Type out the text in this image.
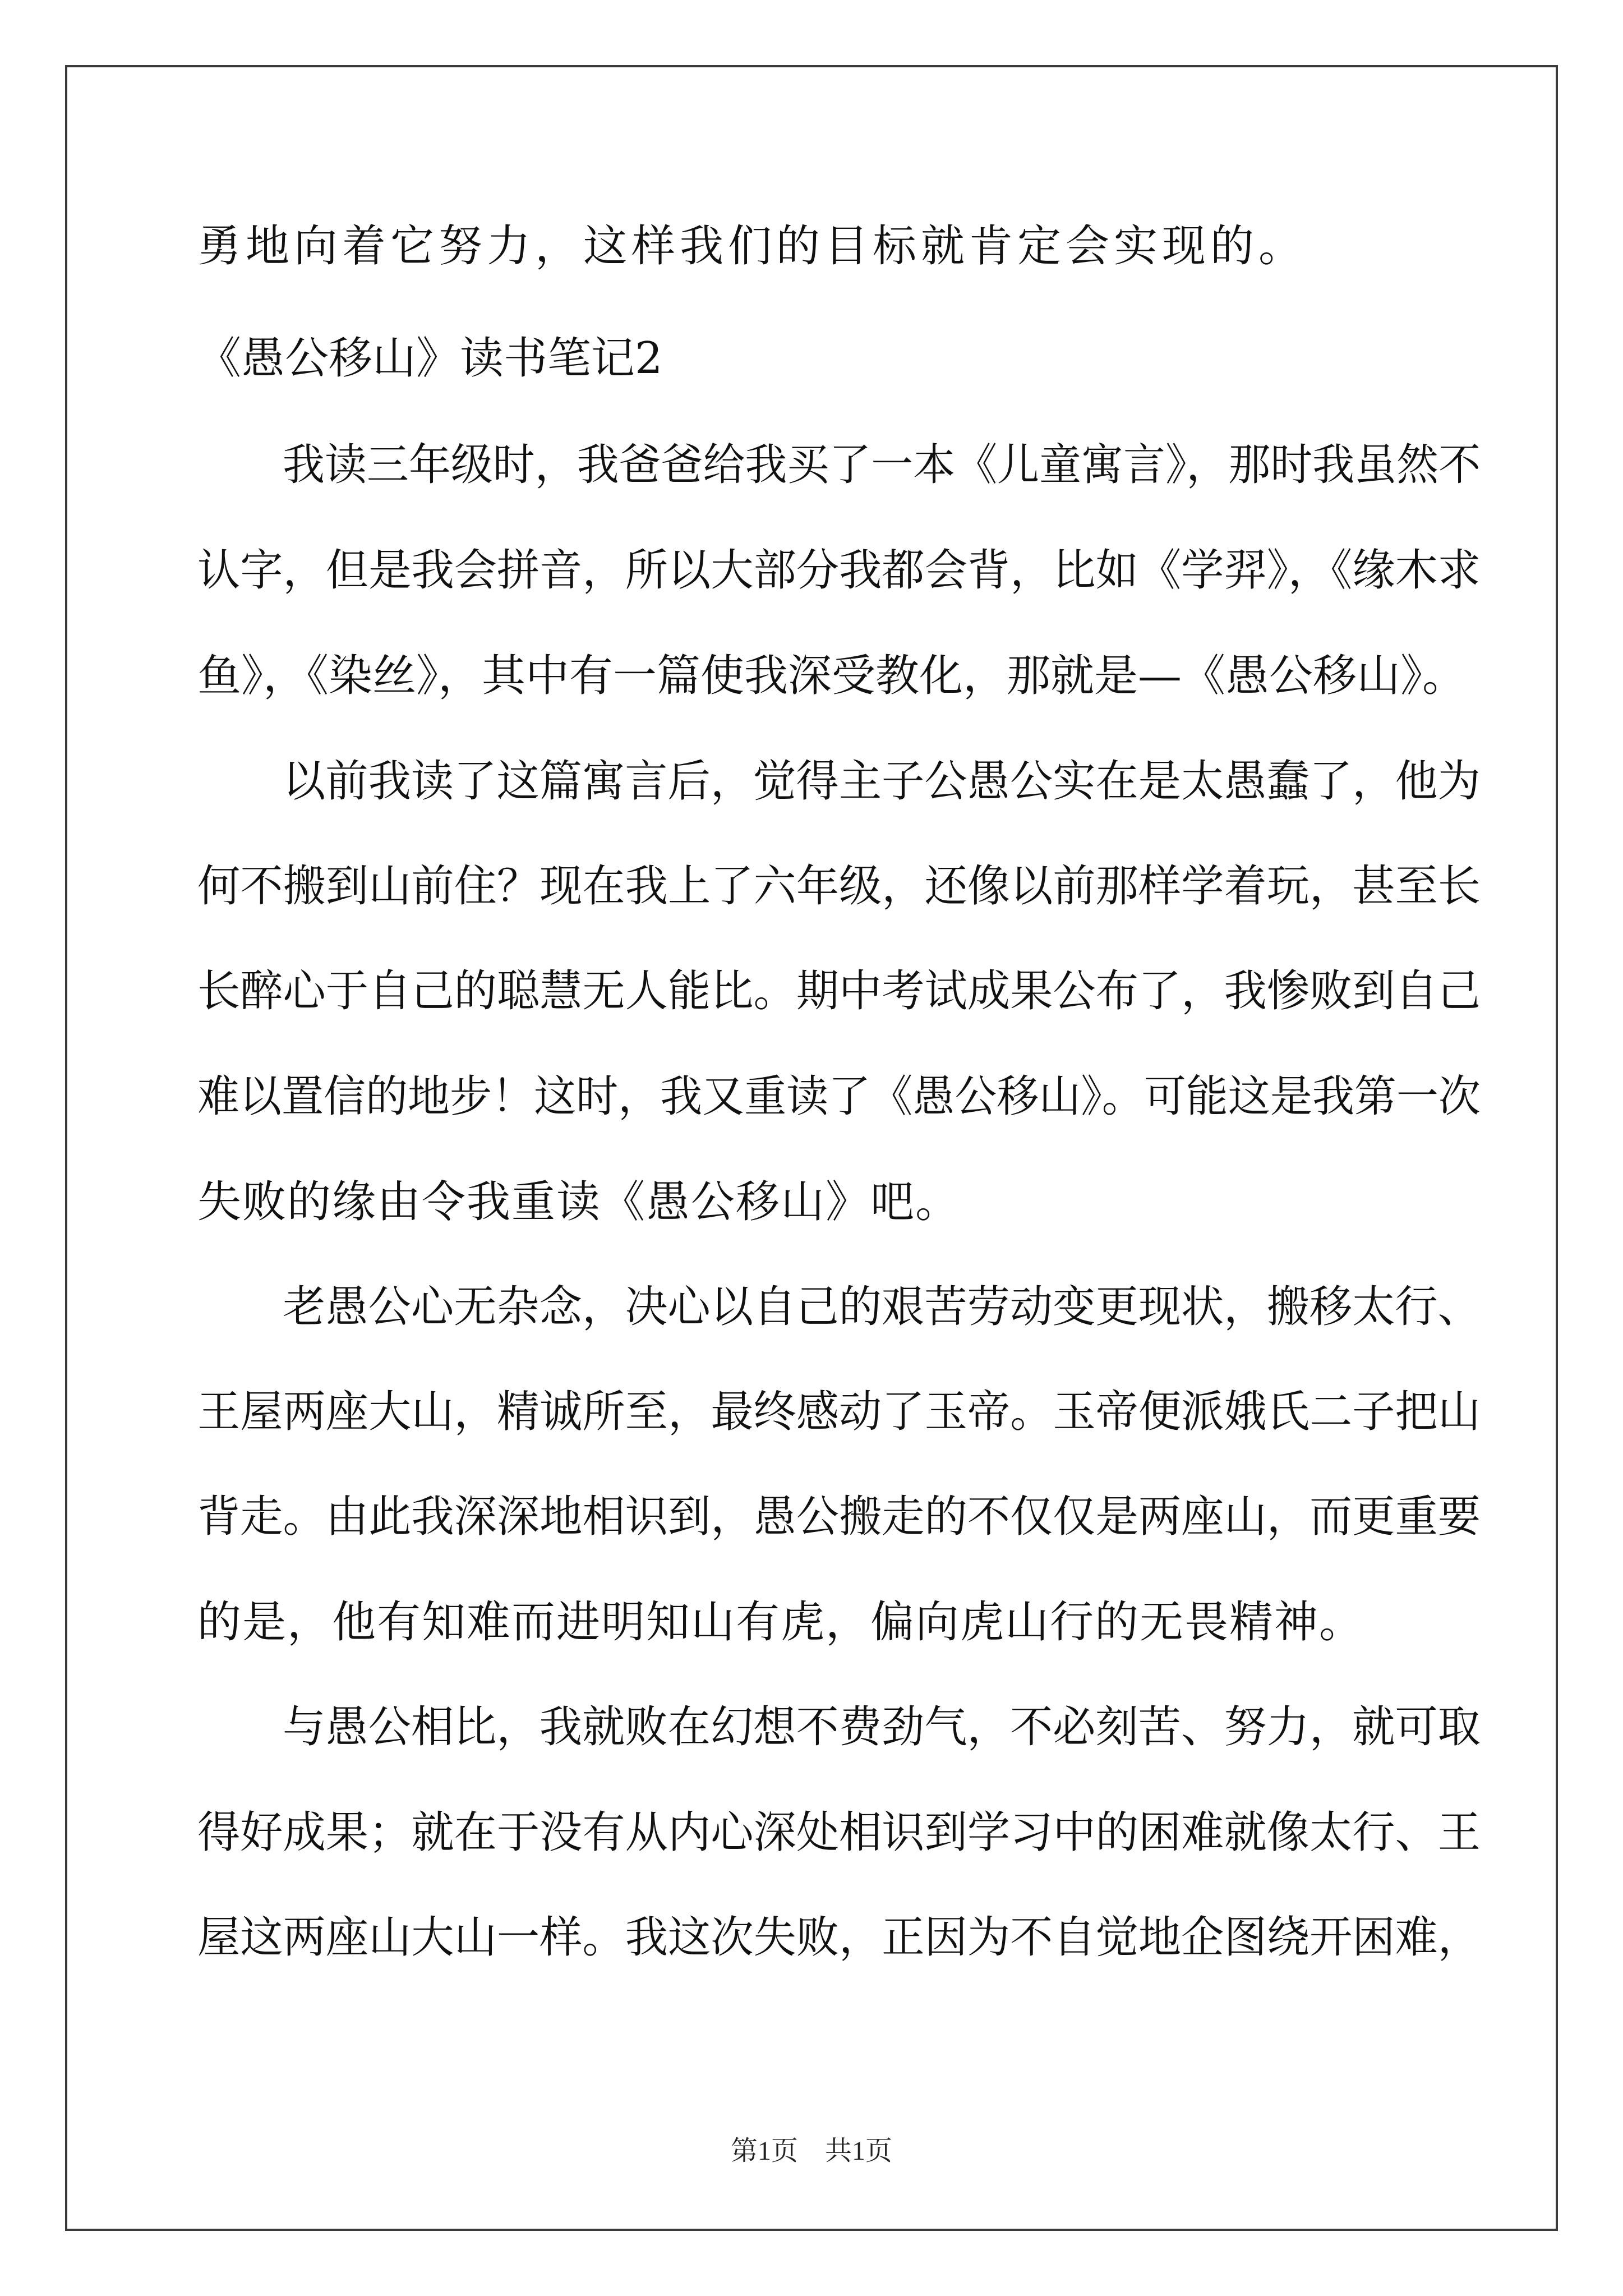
勇地向着它努力，这样我们的目标就肯定会实现的。
《愚公移山》读书笔记2
我读三年级时，我爸爸给我买了一本《儿童寓言》，那时我虽然不
认字，但是我会拼音，所以大部分我都会背，比如《学羿》，《缘木求
鱼》，《染丝》，其中有一篇使我深受教化，那就是—《愚公移山》。
以前我读了这篇寓言后，觉得主子公愚公实在是太愚蠢了，他为
何不搬到山前住？现在我上了六年级，还像以前那样学着玩，甚至长
长醉心于自己的聪慧无人能比。期中考试成果公布了，我惨败到自己
难以置信的地步！这时，我又重读了《愚公移山》。可能这是我第一次
失败的缘由令我重读《愚公移山》吧。
老愚公心无杂念，决心以自己的艰苦劳动变更现状，搬移太行、
王屋两座大山，精诚所至，最终感动了玉帝。玉帝便派娥氏二子把山
背走。由此我深深地相识到，愚公搬走的不仅仅是两座山，而更重要
的是，他有知难而进明知山有虎，偏向虎山行的无畏精神。
与愚公相比，我就败在幻想不费劲气，不必刻苦、努力，就可取
得好成果；就在于没有从内心深处相识到学习中的困难就像太行、王
屋这两座山大山一样。我这次失败，正因为不自觉地企图绕开困难，
第1页　共1页
